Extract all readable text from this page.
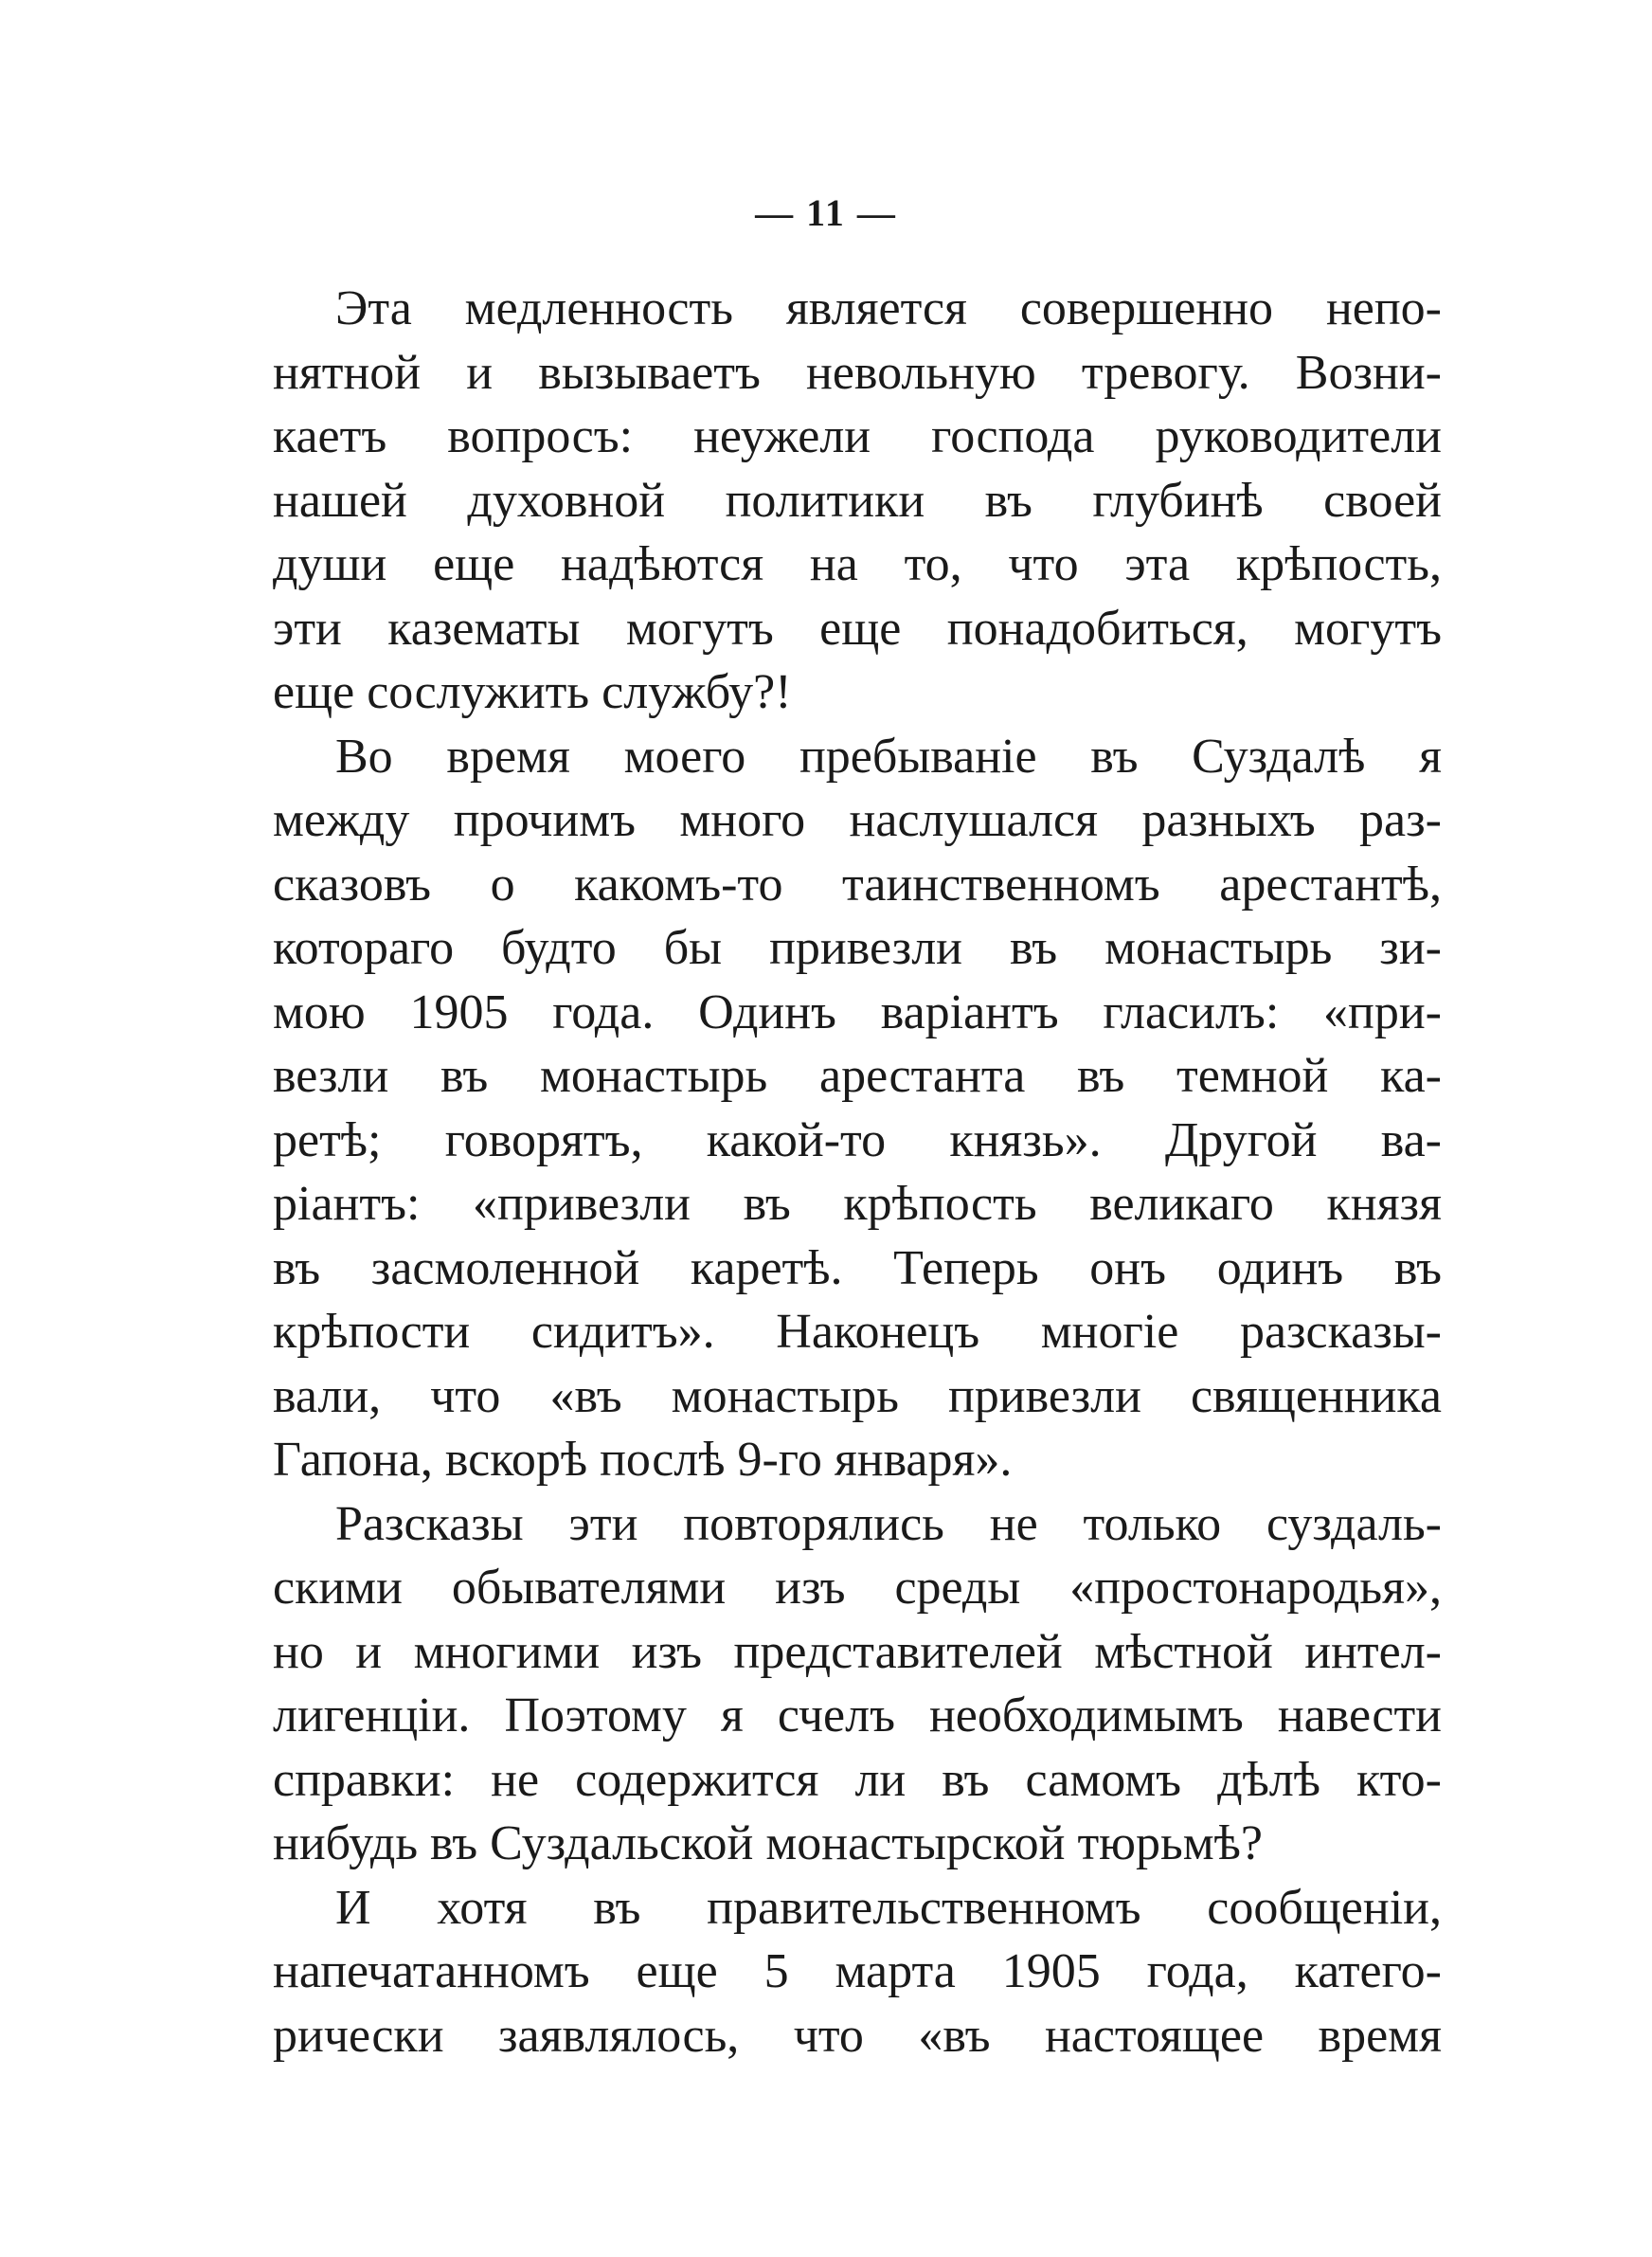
— 11 —
Эта медленность является совершенно непо-
нятной и вызываетъ невольную тревогу. Возни-
каетъ вопросъ: неужели господа руководители
нашей духовной политики въ глубинѣ своей
души еще надѣются на то, что эта крѣпость,
эти казематы могутъ еще понадобиться, могутъ
еще сослужить службу?!
Во время моего пребываніе въ Суздалѣ я
между прочимъ много наслушался разныхъ раз-
сказовъ о какомъ-то таинственномъ арестантѣ,
котораго будто бы привезли въ монастырь зи-
мою 1905 года. Одинъ варіантъ гласилъ: «при-
везли въ монастырь арестанта въ темной ка-
ретѣ; говорятъ, какой-то князь». Другой ва-
ріантъ: «привезли въ крѣпость великаго князя
въ засмоленной каретѣ. Теперь онъ одинъ въ
крѣпости сидитъ». Наконецъ многіе разсказы-
вали, что «въ монастырь привезли священника
Гапона, вскорѣ послѣ 9-го января».
Разсказы эти повторялись не только суздаль-
скими обывателями изъ среды «простонародья»,
но и многими изъ представителей мѣстной интел-
лигенціи. Поэтому я счелъ необходимымъ навести
справки: не содержится ли въ самомъ дѣлѣ кто-
нибудь въ Суздальской монастырской тюрьмѣ?
И хотя въ правительственномъ сообщеніи,
напечатанномъ еще 5 марта 1905 года, катего-
рически заявлялось, что «въ настоящее время
